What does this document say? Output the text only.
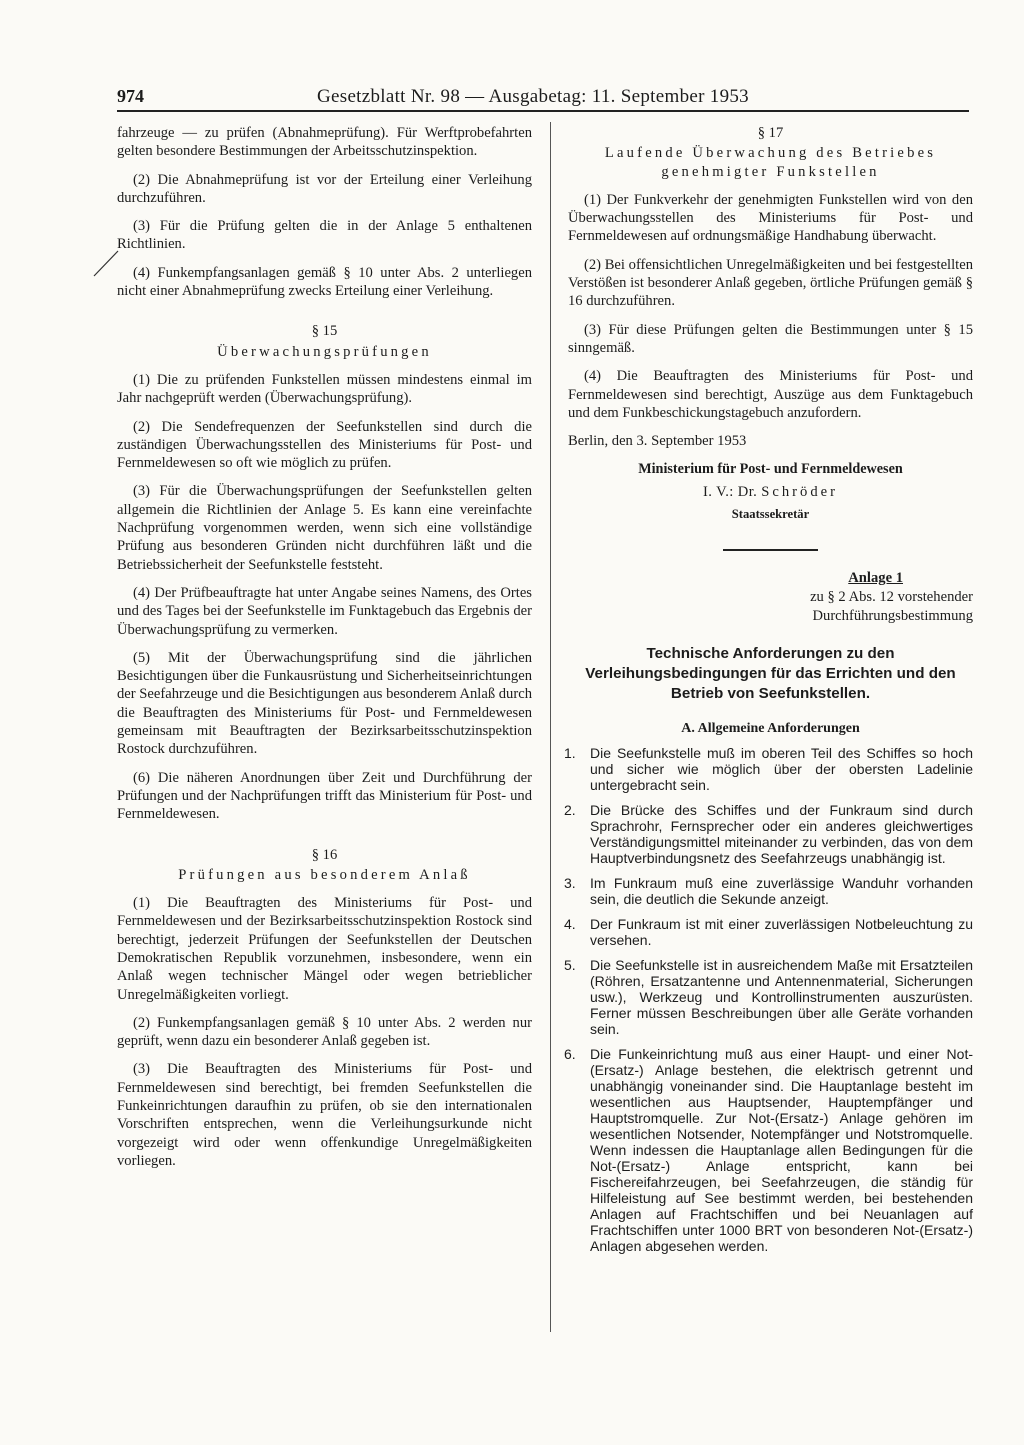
974	Gesetzblatt Nr. 98 — Ausgabetag: 11. September 1953

fahrzeuge — zu prüfen (Abnahmeprüfung). Für Werftprobefahrten gelten besondere Bestimmungen der Arbeitsschutzinspektion.

(2) Die Abnahmeprüfung ist vor der Erteilung einer Verleihung durchzuführen.

(3) Für die Prüfung gelten die in der Anlage 5 enthaltenen Richtlinien.

(4) Funkempfangsanlagen gemäß § 10 unter Abs. 2 unterliegen nicht einer Abnahmeprüfung zwecks Erteilung einer Verleihung.

§ 15
Überwachungsprüfungen

(1) Die zu prüfenden Funkstellen müssen mindestens einmal im Jahr nachgeprüft werden (Überwachungsprüfung).

(2) Die Sendefrequenzen der Seefunkstellen sind durch die zuständigen Überwachungsstellen des Ministeriums für Post- und Fernmeldewesen so oft wie möglich zu prüfen.

(3) Für die Überwachungsprüfungen der Seefunkstellen gelten allgemein die Richtlinien der Anlage 5. Es kann eine vereinfachte Nachprüfung vorgenommen werden, wenn sich eine vollständige Prüfung aus besonderen Gründen nicht durchführen läßt und die Betriebssicherheit der Seefunkstelle feststeht.

(4) Der Prüfbeauftragte hat unter Angabe seines Namens, des Ortes und des Tages bei der Seefunkstelle im Funktagebuch das Ergebnis der Überwachungsprüfung zu vermerken.

(5) Mit der Überwachungsprüfung sind die jährlichen Besichtigungen über die Funkausrüstung und Sicherheitseinrichtungen der Seefahrzeuge und die Besichtigungen aus besonderem Anlaß durch die Beauftragten des Ministeriums für Post- und Fernmeldewesen gemeinsam mit Beauftragten der Bezirksarbeitsschutzinspektion Rostock durchzuführen.

(6) Die näheren Anordnungen über Zeit und Durchführung der Prüfungen und der Nachprüfungen trifft das Ministerium für Post- und Fernmeldewesen.

§ 16
Prüfungen aus besonderem Anlaß

(1) Die Beauftragten des Ministeriums für Post- und Fernmeldewesen und der Bezirksarbeitsschutzinspektion Rostock sind berechtigt, jederzeit Prüfungen der Seefunkstellen der Deutschen Demokratischen Republik vorzunehmen, insbesondere, wenn ein Anlaß wegen technischer Mängel oder wegen betrieblicher Unregelmäßigkeiten vorliegt.

(2) Funkempfangsanlagen gemäß § 10 unter Abs. 2 werden nur geprüft, wenn dazu ein besonderer Anlaß gegeben ist.

(3) Die Beauftragten des Ministeriums für Post- und Fernmeldewesen sind berechtigt, bei fremden Seefunkstellen die Funkeinrichtungen daraufhin zu prüfen, ob sie den internationalen Vorschriften entsprechen, wenn die Verleihungsurkunde nicht vorgezeigt wird oder wenn offenkundige Unregelmäßigkeiten vorliegen.

§ 17
Laufende Überwachung des Betriebes genehmigter Funkstellen

(1) Der Funkverkehr der genehmigten Funkstellen wird von den Überwachungsstellen des Ministeriums für Post- und Fernmeldewesen auf ordnungsmäßige Handhabung überwacht.

(2) Bei offensichtlichen Unregelmäßigkeiten und bei festgestellten Verstößen ist besonderer Anlaß gegeben, örtliche Prüfungen gemäß § 16 durchzuführen.

(3) Für diese Prüfungen gelten die Bestimmungen unter § 15 sinngemäß.

(4) Die Beauftragten des Ministeriums für Post- und Fernmeldewesen sind berechtigt, Auszüge aus dem Funktagebuch und dem Funkbeschickungstagebuch anzufordern.

Berlin, den 3. September 1953

Ministerium für Post- und Fernmeldewesen
I. V.: Dr. Schröder
Staatssekretär
Anlage 1
zu § 2 Abs. 12 vorstehender
Durchführungsbestimmung
Technische Anforderungen zu den Verleihungsbedingungen für das Errichten und den Betrieb von Seefunkstellen.
A. Allgemeine Anforderungen
1. Die Seefunkstelle muß im oberen Teil des Schiffes so hoch und sicher wie möglich über der obersten Ladelinie untergebracht sein.
2. Die Brücke des Schiffes und der Funkraum sind durch Sprachrohr, Fernsprecher oder ein anderes gleichwertiges Verständigungsmittel miteinander zu verbinden, das von dem Hauptverbindungsnetz des Seefahrzeugs unabhängig ist.
3. Im Funkraum muß eine zuverlässige Wanduhr vorhanden sein, die deutlich die Sekunde anzeigt.
4. Der Funkraum ist mit einer zuverlässigen Notbeleuchtung zu versehen.
5. Die Seefunkstelle ist in ausreichendem Maße mit Ersatzteilen (Röhren, Ersatzantenne und Antennenmaterial, Sicherungen usw.), Werkzeug und Kontrollinstrumenten auszurüsten. Ferner müssen Beschreibungen über alle Geräte vorhanden sein.
6. Die Funkeinrichtung muß aus einer Haupt- und einer Not-(Ersatz-) Anlage bestehen, die elektrisch getrennt und unabhängig voneinander sind. Die Hauptanlage besteht im wesentlichen aus Hauptsender, Hauptempfänger und Hauptstromquelle. Zur Not-(Ersatz-) Anlage gehören im wesentlichen Notsender, Notempfänger und Notstromquelle. Wenn indessen die Hauptanlage allen Bedingungen für die Not-(Ersatz-) Anlage entspricht, kann bei Fischereifahrzeugen, bei Seefahrzeugen, die ständig für Hilfeleistung auf See bestimmt werden, bei bestehenden Anlagen auf Frachtschiffen und bei Neuanlagen auf Frachtschiffen unter 1000 BRT von besonderen Not-(Ersatz-) Anlagen abgesehen werden.
